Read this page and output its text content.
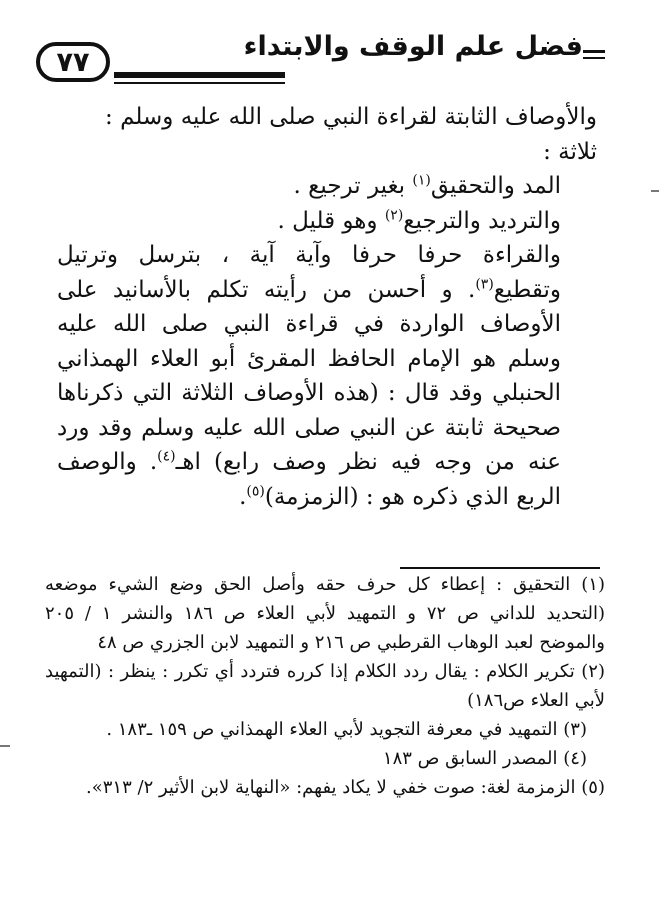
فضل علم الوقف والابتداء
٧٧

والأوصاف الثابتة لقراءة النبي صلى الله عليه وسلم :

ثلاثة :

المد والتحقيق$^{(١)}$ بغير ترجيع .

والترديد والترجيع$^{(٢)}$ وهو قليل .

والقراءة حرفا حرفا وآية آية ، بترسل وترتيل وتقطيع$^{(٣)}$. و أحسن من رأيته تكلم بالأسانيد على الأوصاف الواردة في قراءة النبي صلى الله عليه وسلم هو الإمام الحافظ المقرئ أبو العلاء الهمذاني الحنبلي وقد قال : (هذه الأوصاف الثلاثة التي ذكرناها صحيحة ثابتة عن النبي صلى الله عليه وسلم وقد ورد عنه من وجه فيه نظر وصف رابع) اهـ$^{(٤)}$. والوصف الربع الذي ذكره هو : (الزمزمة)$^{(٥)}$.

(١) التحقيق : إعطاء كل حرف حقه وأصل الحق وضع الشيء موضعه (التحديد للداني ص ٧٢ و التمهيد لأبي العلاء ص ١٨٦ والنشر ١ / ٢٠٥ والموضح لعبد الوهاب القرطبي ص ٢١٦ و التمهيد لابن الجزري ص ٤٨

(٢) تكرير الكلام : يقال ردد الكلام إذا كرره فتردد أي تكرر : ينظر : (التمهيد لأبي العلاء ص١٨٦)

(٣) التمهيد في معرفة التجويد لأبي العلاء الهمذاني ص ١٥٩ ـ١٨٣ .

(٤) المصدر السابق ص ١٨٣

(٥) الزمزمة لغة: صوت خفي لا يكاد يفهم: «النهاية لابن الأثير ٢/ ٣١٣».
